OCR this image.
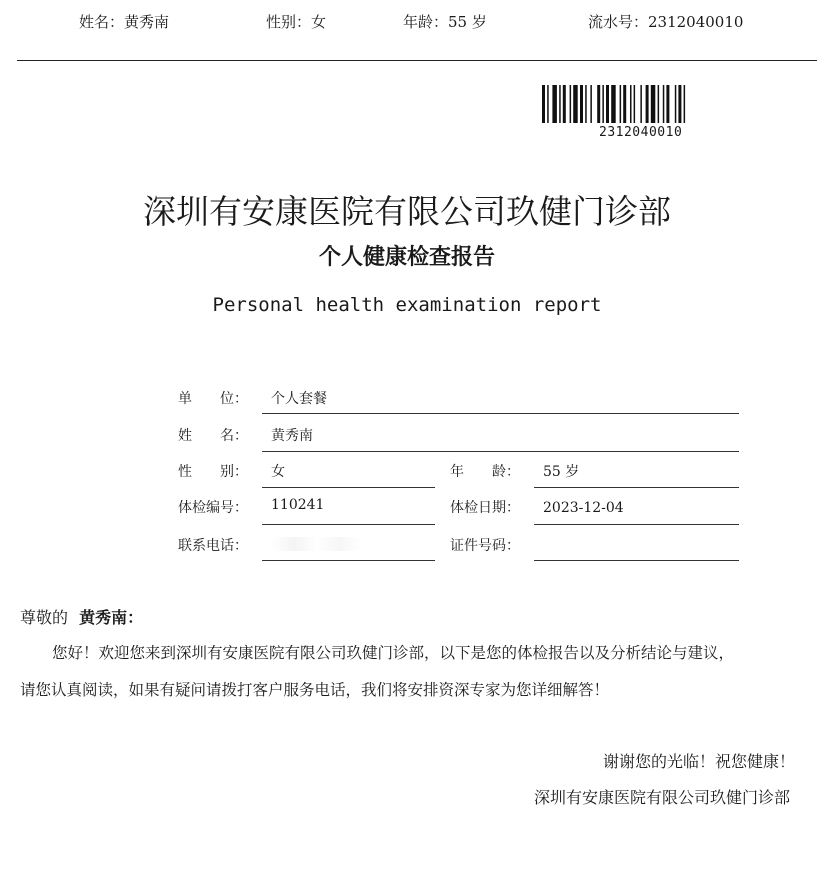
姓名：黄秀南	性别：女	年龄：55 岁	流水号：2312040010
2312040010
深圳有安康医院有限公司玖健门诊部
个人健康检查报告
Personal health examination report
单　　位： 个人套餐
姓　　名： 黄秀南
性　　别： 女	年　　龄： 55 岁
体检编号： 110241	体检日期： 2023-12-04
联系电话：	证件号码：
尊敬的 黄秀南：
您好！欢迎您来到深圳有安康医院有限公司玖健门诊部，以下是您的体检报告以及分析结论与建议，
请您认真阅读，如果有疑问请拨打客户服务电话，我们将安排资深专家为您详细解答！
谢谢您的光临！祝您健康！
深圳有安康医院有限公司玖健门诊部
